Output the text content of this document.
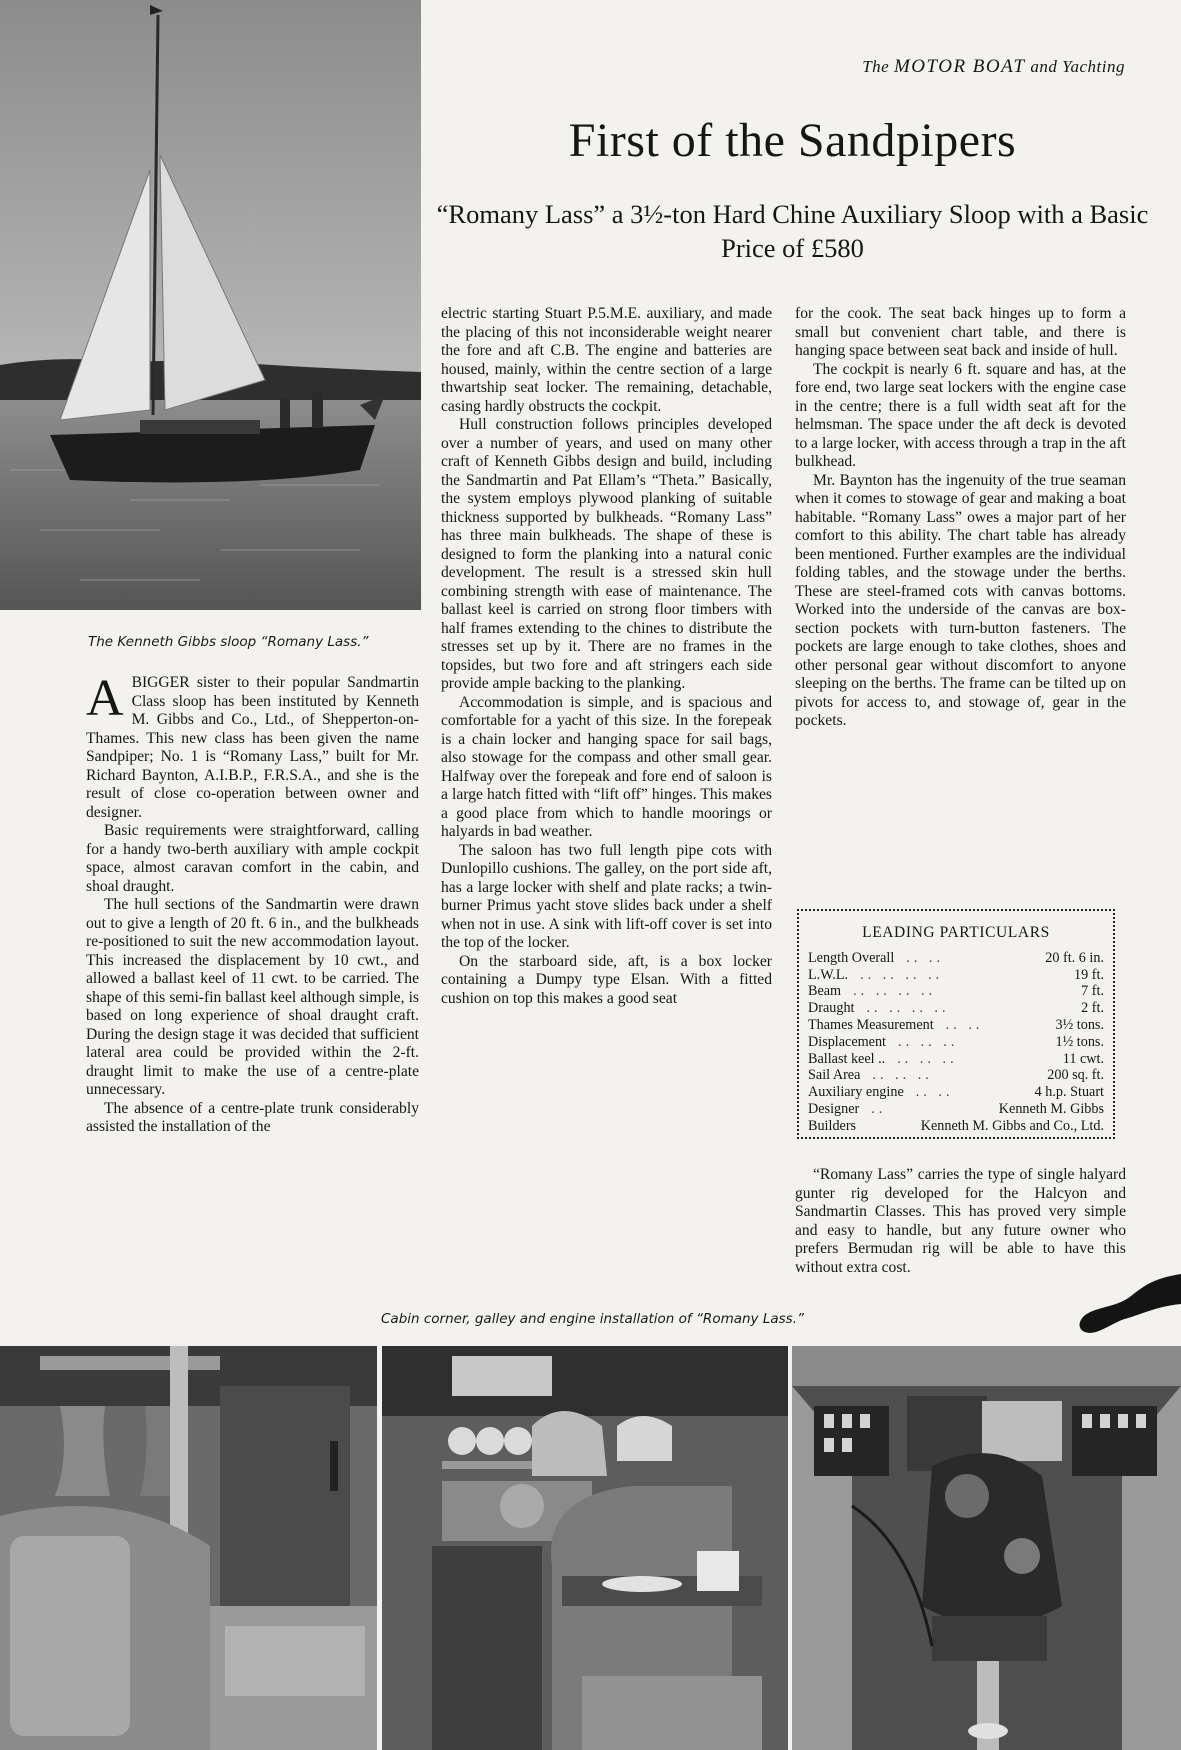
The Kenneth Gibbs sloop “Romany Lass.”
The MOTOR BOAT and Yachting
First of the Sandpipers
“Romany Lass” a 3½-ton Hard Chine Auxiliary Sloop with a Basic Price of £580

ABIGGER sister to their popular Sandmartin Class sloop has been instituted by Kenneth M. Gibbs and Co., Ltd., of Shepperton-on-Thames. This new class has been given the name Sandpiper; No. 1 is “Romany Lass,” built for Mr. Richard Baynton, A.I.B.P., F.R.S.A., and she is the result of close co-operation between owner and designer.

Basic requirements were straightforward, calling for a handy two-berth auxiliary with ample cockpit space, almost caravan comfort in the cabin, and shoal draught.

The hull sections of the Sandmartin were drawn out to give a length of 20 ft. 6 in., and the bulkheads re-positioned to suit the new accommodation layout. This increased the displacement by 10 cwt., and allowed a ballast keel of 11 cwt. to be carried. The shape of this semi-fin ballast keel although simple, is based on long experience of shoal draught craft. During the design stage it was decided that sufficient lateral area could be provided within the 2-ft. draught limit to make the use of a centre-plate unnecessary.

The absence of a centre-plate trunk considerably assisted the installation of the

electric starting Stuart P.5.M.E. auxiliary, and made the placing of this not inconsiderable weight nearer the fore and aft C.B. The engine and batteries are housed, mainly, within the centre section of a large thwartship seat locker. The remaining, detachable, casing hardly obstructs the cockpit.

Hull construction follows principles developed over a number of years, and used on many other craft of Kenneth Gibbs design and build, including the Sandmartin and Pat Ellam’s “Theta.” Basically, the system employs plywood planking of suitable thickness supported by bulkheads. “Romany Lass” has three main bulkheads. The shape of these is designed to form the planking into a natural conic development. The result is a stressed skin hull combining strength with ease of maintenance. The ballast keel is carried on strong floor timbers with half frames extending to the chines to distribute the stresses set up by it. There are no frames in the topsides, but two fore and aft stringers each side provide ample backing to the planking.

Accommodation is simple, and is spacious and comfortable for a yacht of this size. In the forepeak is a chain locker and hanging space for sail bags, also stowage for the compass and other small gear. Halfway over the forepeak and fore end of saloon is a large hatch fitted with “lift off” hinges. This makes a good place from which to handle moorings or halyards in bad weather.

The saloon has two full length pipe cots with Dunlopillo cushions. The galley, on the port side aft, has a large locker with shelf and plate racks; a twin-burner Primus yacht stove slides back under a shelf when not in use. A sink with lift-off cover is set into the top of the locker.

On the starboard side, aft, is a box locker containing a Dumpy type Elsan. With a fitted cushion on top this makes a good seat

for the cook. The seat back hinges up to form a small but convenient chart table, and there is hanging space between seat back and inside of hull.

The cockpit is nearly 6 ft. square and has, at the fore end, two large seat lockers with the engine case in the centre; there is a full width seat aft for the helmsman. The space under the aft deck is devoted to a large locker, with access through a trap in the aft bulkhead.

Mr. Baynton has the ingenuity of the true seaman when it comes to stowage of gear and making a boat habitable. “Romany Lass” owes a major part of her comfort to this ability. The chart table has already been mentioned. Further examples are the individual folding tables, and the stowage under the berths. These are steel-framed cots with canvas bottoms. Worked into the underside of the canvas are box-section pockets with turn-button fasteners. The pockets are large enough to take clothes, shoes and other personal gear without discomfort to anyone sleeping on the berths. The frame can be tilted up on pivots for access to, and stowage of, gear in the pockets.

LEADING PARTICULARS
Length Overall .. ..	20 ft. 6 in.
L.W.L. .. .. .. ..	19 ft.
Beam .. .. .. ..	7 ft.
Draught .. .. .. ..	2 ft.
Thames Measurement .. ..	3½ tons.
Displacement .. .. ..	1½ tons.
Ballast keel .. .. .. ..	11 cwt.
Sail Area .. .. ..	200 sq. ft.
Auxiliary engine .. ..	4 h.p. Stuart
Designer ..	Kenneth M. Gibbs
Builders	Kenneth M. Gibbs and Co., Ltd.

“Romany Lass” carries the type of single halyard gunter rig developed for the Halcyon and Sandmartin Classes. This has proved very simple and easy to handle, but any future owner who prefers Bermudan rig will be able to have this without extra cost.

Cabin corner, galley and engine installation of “Romany Lass.”
